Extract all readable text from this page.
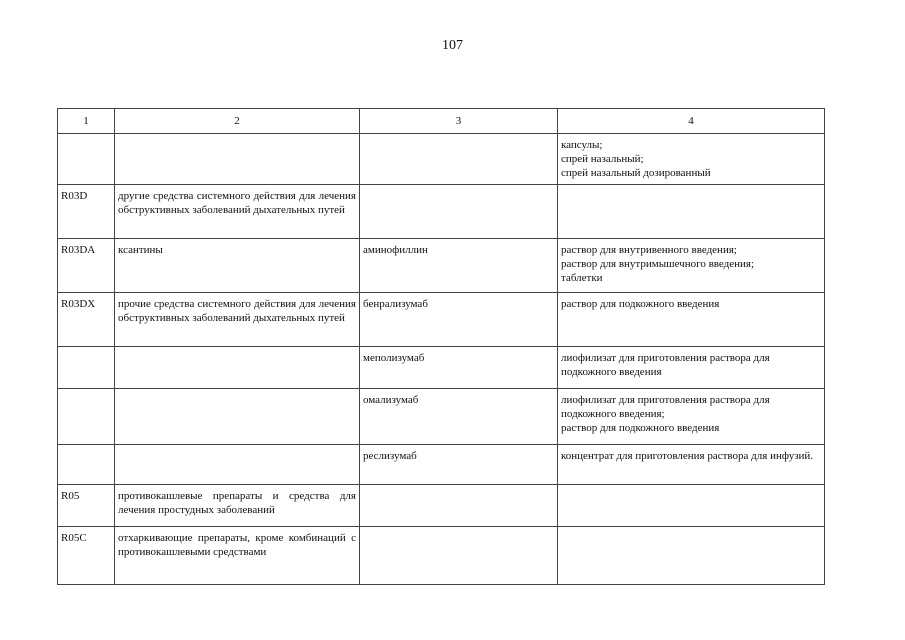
107
1	2	3	4

			капсулы;
спрей назальный;
спрей назальный дозированный

R03D	другие средства системного действия для лечения обструктивных заболеваний дыхательных путей		
R03DA	ксантины	аминофиллин	раствор для внутривенного введения;
раствор для внутримышечного введения;
таблетки

R03DX	прочие средства системного действия для лечения обструктивных заболеваний дыхательных путей	бенрализумаб	раствор для подкожного введения

		меполизумаб	лиофилизат для приготовления раствора для подкожного введения

		омализумаб	лиофилизат для приготовления раствора для подкожного введения;
раствор для подкожного введения

		реслизумаб	концентрат для приготовления раствора для инфузий.

R05	противокашлевые препараты и средства для лечения простудных заболеваний		
R05C	отхаркивающие препараты, кроме комбинаций с противокашлевыми средствами		
